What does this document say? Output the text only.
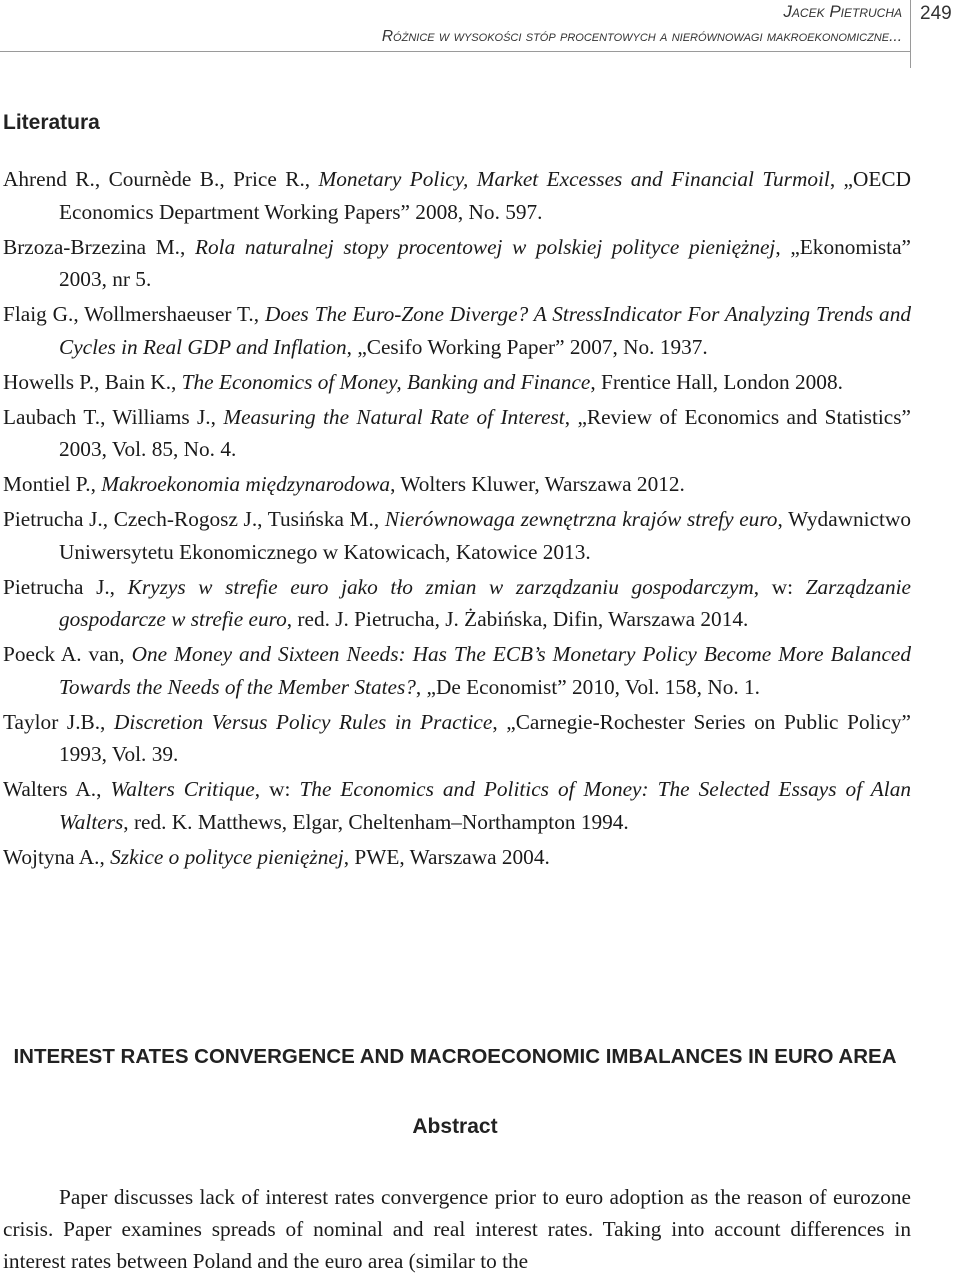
Jacek Pietrucha
Różnice w wysokości stóp procentowych a nierównowagi makroekonomiczne...
249
Literatura

Ahrend R., Cournède B., Price R., Monetary Policy, Market Excesses and Financial Turmoil, „OECD Economics Department Working Papers” 2008, No. 597.

Brzoza-Brzezina M., Rola naturalnej stopy procentowej w polskiej polityce pieniężnej, „Ekonomista” 2003, nr 5.

Flaig G., Wollmershaeuser T., Does The Euro-Zone Diverge? A StressIndicator For Analyzing Trends and Cycles in Real GDP and Inflation, „Cesifo Working Paper” 2007, No. 1937.

Howells P., Bain K., The Economics of Money, Banking and Finance, Frentice Hall, London 2008.

Laubach T., Williams J., Measuring the Natural Rate of Interest, „Review of Economics and Statistics” 2003, Vol. 85, No. 4.

Montiel P., Makroekonomia międzynarodowa, Wolters Kluwer, Warszawa 2012.

Pietrucha J., Czech-Rogosz J., Tusińska M., Nierównowaga zewnętrzna krajów strefy euro, Wydawnictwo Uniwersytetu Ekonomicznego w Katowicach, Katowice 2013.

Pietrucha J., Kryzys w strefie euro jako tło zmian w zarządzaniu gospodarczym, w: Zarządzanie gospodarcze w strefie euro, red. J. Pietrucha, J. Żabińska, Difin, Warszawa 2014.

Poeck A. van, One Money and Sixteen Needs: Has The ECB’s Monetary Policy Become More Balanced Towards the Needs of the Member States?, „De Economist” 2010, Vol. 158, No. 1.

Taylor J.B., Discretion Versus Policy Rules in Practice, „Carnegie-Rochester Series on Public Policy” 1993, Vol. 39.

Walters A., Walters Critique, w: The Economics and Politics of Money: The Selected Essays of Alan Walters, red. K. Matthews, Elgar, Cheltenham–Northampton 1994.

Wojtyna A., Szkice o polityce pieniężnej, PWE, Warszawa 2004.

INTEREST RATES CONVERGENCE AND MACROECONOMIC IMBALANCES IN EURO AREA
Abstract

Paper discusses lack of interest rates convergence prior to euro adoption as the reason of eurozone crisis. Paper examines spreads of nominal and real interest rates. Taking into account differences in interest rates between Poland and the euro area (similar to the
